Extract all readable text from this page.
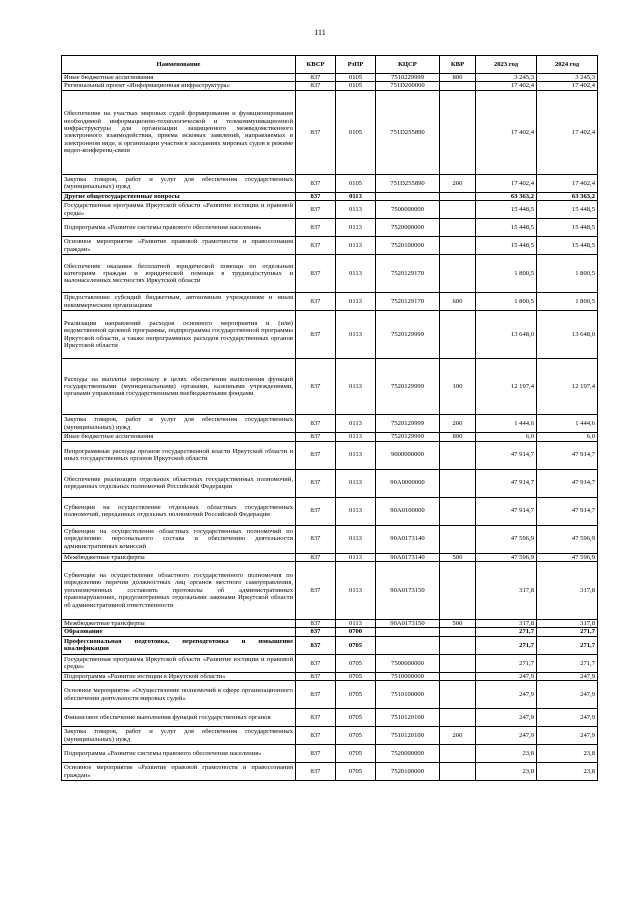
111
Наименование	КВСР	РзПР	КЦСР	КВР	2023 год	2024 год
Иные бюджетные ассигнования	837	0105	7510229999	800	3 245,3	3 245,3
Региональный проект «Информационная инфраструктура»	837	0105	751D200000		17 402,4	17 402,4
Обеспечение на участках мировых судей формирования и функционирования необходимой информационно-технологической и телекоммуникационной инфраструктуры для организации защищенного межведомственного электронного взаимодействия, приема исковых заявлений, направляемых в электронном виде, и организации участия в заседаниях мировых судов в режиме видео-конференц-связи	837	0105	751D255890		17 402,4	17 402,4
Закупка товаров, работ и услуг для обеспечения государственных (муниципальных) нужд	837	0105	751D255890	200	17 402,4	17 402,4
Другие общегосударственные вопросы	837	0113			63 363,2	63 363,2
Государственная программа Иркутской области «Развитие юстиции и правовой среды»	837	0113	7500000000		15 448,5	15 448,5
Подпрограмма «Развитие системы правового обеспечения населения»	837	0113	7520000000		15 448,5	15 448,5
Основное мероприятие «Развитие правовой грамотности и правосознания граждан»	837	0113	7520100000		15 448,5	15 448,5
Обеспечение оказания бесплатной юридической помощи по отдельным категориям граждан и юридической помощи в труднодоступных и малонаселенных местностях Иркутской области	837	0113	7520129170		1 800,5	1 800,5
Предоставление субсидий бюджетным, автономным учреждениям и иным некоммерческим организациям	837	0113	7520129170	600	1 800,5	1 800,5
Реализация направлений расходов основного мероприятия и (или) ведомственной целевой программы, подпрограммы государственной программы Иркутской области, а также непрограммных расходов государственных органов Иркутской области	837	0113	7520129999		13 648,0	13 648,0
Расходы на выплаты персоналу в целях обеспечения выполнения функций государственными (муниципальными) органами, казенными учреждениями, органами управления государственными внебюджетными фондами	837	0113	7520129999	100	12 197,4	12 197,4
Закупка товаров, работ и услуг для обеспечения государственных (муниципальных) нужд	837	0113	7520129999	200	1 444,6	1 444,6
Иные бюджетные ассигнования	837	0113	7520129999	800	6,0	6,0
Непрограммные расходы органов государственной власти Иркутской области и иных государственных органов Иркутской области	837	0113	9000000000		47 914,7	47 914,7
Обеспечение реализации отдельных областных государственных полномочий, переданных отдельных полномочий Российской Федерации	837	0113	90A0000000		47 914,7	47 914,7
Субвенции на осуществление отдельных областных государственных полномочий, переданных отдельных полномочий Российской Федерации	837	0113	90A0100000		47 914,7	47 914,7
Субвенции на осуществление областных государственных полномочий по определению персонального состава и обеспечению деятельности административных комиссий	837	0113	90A0173140		47 596,9	47 596,9
Межбюджетные трансферты	837	0113	90A0173140	500	47 596,9	47 596,9
Субвенции на осуществление областного государственного полномочия по определению перечня должностных лиц органов местного самоуправления, уполномоченных составлять протоколы об административных правонарушениях, предусмотренных отдельными законами Иркутской области об административной ответственности	837	0113	90A0173150		317,8	317,8
Межбюджетные трансферты	837	0113	90A0173150	500	317,8	317,8
Образование	837	0700			271,7	271,7
Профессиональная подготовка, переподготовка и повышение квалификации	837	0705			271,7	271,7
Государственная программа Иркутской области «Развитие юстиции и правовой среды»	837	0705	7500000000		271,7	271,7
Подпрограмма «Развитие юстиции в Иркутской области»	837	0705	7510000000		247,9	247,9
Основное мероприятие «Осуществление полномочий в сфере организационного обеспечения деятельности мировых судей»	837	0705	7510100000		247,9	247,9
Финансовое обеспечение выполнения функций государственных органов	837	0705	7510120100		247,9	247,9
Закупка товаров, работ и услуг для обеспечения государственных (муниципальных) нужд	837	0705	7510120100	200	247,9	247,9
Подпрограмма «Развитие системы правового обеспечения населения»	837	0705	7520000000		23,8	23,8
Основное мероприятие «Развитие правовой грамотности и правосознания граждан»	837	0705	7520100000		23,8	23,8
